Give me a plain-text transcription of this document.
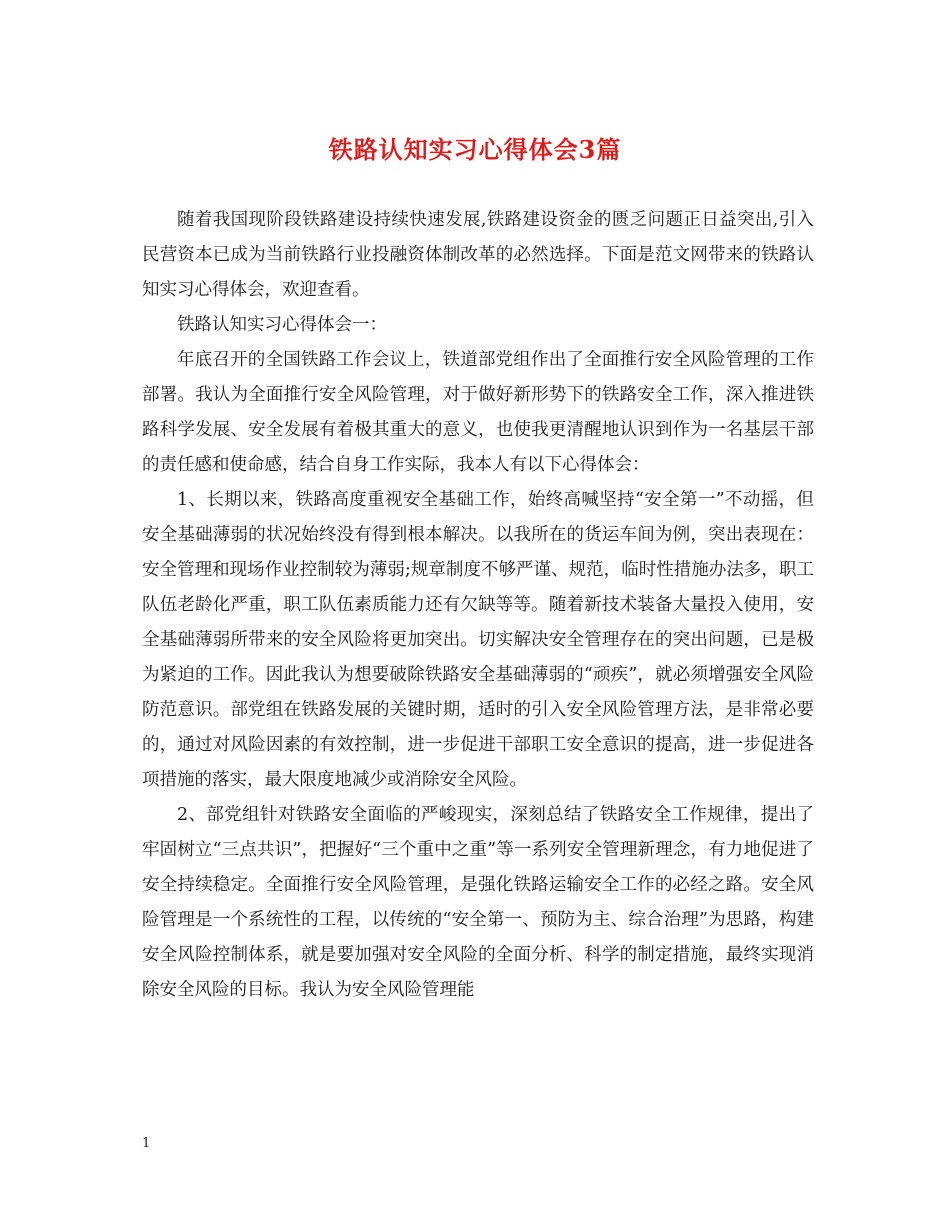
铁路认知实习心得体会3篇

随着我国现阶段铁路建设持续快速发展,铁路建设资金的匮乏问题正日益突出,引入民营资本已成为当前铁路行业投融资体制改革的必然选择。下面是范文网带来的铁路认知实习心得体会，欢迎查看。

铁路认知实习心得体会一：

年底召开的全国铁路工作会议上，铁道部党组作出了全面推行安全风险管理的工作部署。我认为全面推行安全风险管理，对于做好新形势下的铁路安全工作，深入推进铁路科学发展、安全发展有着极其重大的意义，也使我更清醒地认识到作为一名基层干部的责任感和使命感，结合自身工作实际，我本人有以下心得体会：

1、长期以来，铁路高度重视安全基础工作，始终高喊坚持“安全第一”不动摇，但安全基础薄弱的状况始终没有得到根本解决。以我所在的货运车间为例，突出表现在：安全管理和现场作业控制较为薄弱;规章制度不够严谨、规范，临时性措施办法多，职工队伍老龄化严重，职工队伍素质能力还有欠缺等等。随着新技术装备大量投入使用，安全基础薄弱所带来的安全风险将更加突出。切实解决安全管理存在的突出问题，已是极为紧迫的工作。因此我认为想要破除铁路安全基础薄弱的“顽疾”，就必须增强安全风险防范意识。部党组在铁路发展的关键时期，适时的引入安全风险管理方法，是非常必要的，通过对风险因素的有效控制，进一步促进干部职工安全意识的提高，进一步促进各项措施的落实，最大限度地减少或消除安全风险。

2、部党组针对铁路安全面临的严峻现实，深刻总结了铁路安全工作规律，提出了牢固树立“三点共识”，把握好“三个重中之重”等一系列安全管理新理念，有力地促进了安全持续稳定。全面推行安全风险管理，是强化铁路运输安全工作的必经之路。安全风险管理是一个系统性的工程，以传统的“安全第一、预防为主、综合治理”为思路，构建安全风险控制体系，就是要加强对安全风险的全面分析、科学的制定措施，最终实现消除安全风险的目标。我认为安全风险管理能

1
